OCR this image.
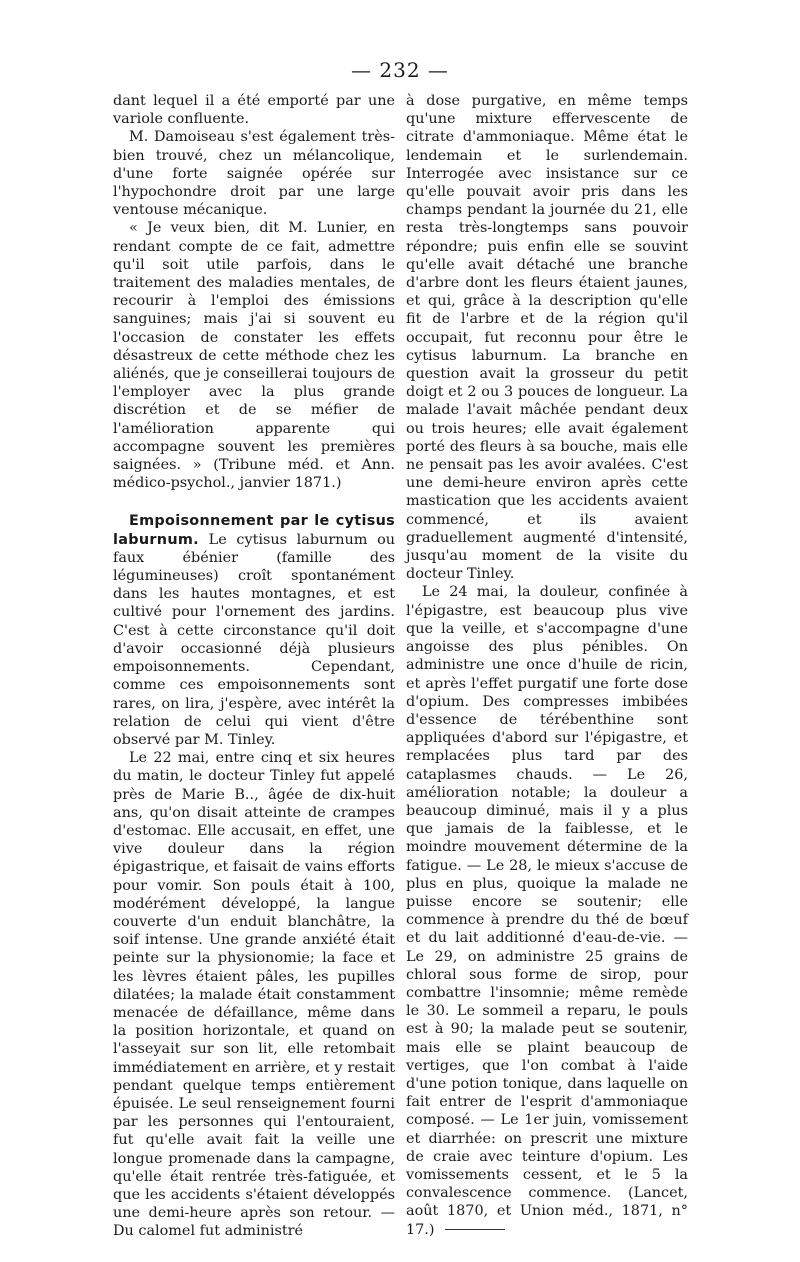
— 232 —

dant lequel il a été emporté par une variole confluente.

M. Damoiseau s'est également très-bien trouvé, chez un mélancolique, d'une forte saignée opérée sur l'hypochondre droit par une large ventouse mécanique.

« Je veux bien, dit M. Lunier, en rendant compte de ce fait, admettre qu'il soit utile parfois, dans le traitement des maladies mentales, de recourir à l'emploi des émissions sanguines; mais j'ai si souvent eu l'occasion de constater les effets désastreux de cette méthode chez les aliénés, que je conseillerai toujours de l'employer avec la plus grande discrétion et de se méfier de l'amélioration apparente qui accompagne souvent les premières saignées. » (Tribune méd. et Ann. médico-psychol., janvier 1871.)

Empoisonnement par le cytisus laburnum. Le cytisus laburnum ou faux ébénier (famille des légumineuses) croît spontanément dans les hautes montagnes, et est cultivé pour l'ornement des jardins. C'est à cette circonstance qu'il doit d'avoir occasionné déjà plusieurs empoisonnements. Cependant, comme ces empoisonnements sont rares, on lira, j'espère, avec intérêt la relation de celui qui vient d'être observé par M. Tinley.

Le 22 mai, entre cinq et six heures du matin, le docteur Tinley fut appelé près de Marie B.., âgée de dix-huit ans, qu'on disait atteinte de crampes d'estomac. Elle accusait, en effet, une vive douleur dans la région épigastrique, et faisait de vains efforts pour vomir. Son pouls était à 100, modérément développé, la langue couverte d'un enduit blanchâtre, la soif intense. Une grande anxiété était peinte sur la physionomie; la face et les lèvres étaient pâles, les pupilles dilatées; la malade était constamment menacée de défaillance, même dans la position horizontale, et quand on l'asseyait sur son lit, elle retombait immédiatement en arrière, et y restait pendant quelque temps entièrement épuisée. Le seul renseignement fourni par les personnes qui l'entouraient, fut qu'elle avait fait la veille une longue promenade dans la campagne, qu'elle était rentrée très-fatiguée, et que les accidents s'étaient développés une demi-heure après son retour. — Du calomel fut administré

à dose purgative, en même temps qu'une mixture effervescente de citrate d'ammoniaque. Même état le lendemain et le surlendemain. Interrogée avec insistance sur ce qu'elle pouvait avoir pris dans les champs pendant la journée du 21, elle resta très-longtemps sans pouvoir répondre; puis enfin elle se souvint qu'elle avait détaché une branche d'arbre dont les fleurs étaient jaunes, et qui, grâce à la description qu'elle fit de l'arbre et de la région qu'il occupait, fut reconnu pour être le cytisus laburnum. La branche en question avait la grosseur du petit doigt et 2 ou 3 pouces de longueur. La malade l'avait mâchée pendant deux ou trois heures; elle avait également porté des fleurs à sa bouche, mais elle ne pensait pas les avoir avalées. C'est une demi-heure environ après cette mastication que les accidents avaient commencé, et ils avaient graduellement augmenté d'intensité, jusqu'au moment de la visite du docteur Tinley.

Le 24 mai, la douleur, confinée à l'épigastre, est beaucoup plus vive que la veille, et s'accompagne d'une angoisse des plus pénibles. On administre une once d'huile de ricin, et après l'effet purgatif une forte dose d'opium. Des compresses imbibées d'essence de térébenthine sont appliquées d'abord sur l'épigastre, et remplacées plus tard par des cataplasmes chauds. — Le 26, amélioration notable; la douleur a beaucoup diminué, mais il y a plus que jamais de la faiblesse, et le moindre mouvement détermine de la fatigue. — Le 28, le mieux s'accuse de plus en plus, quoique la malade ne puisse encore se soutenir; elle commence à prendre du thé de bœuf et du lait additionné d'eau-de-vie. — Le 29, on administre 25 grains de chloral sous forme de sirop, pour combattre l'insomnie; même remède le 30. Le sommeil a reparu, le pouls est à 90; la malade peut se soutenir, mais elle se plaint beaucoup de vertiges, que l'on combat à l'aide d'une potion tonique, dans laquelle on fait entrer de l'esprit d'ammoniaque composé. — Le 1er juin, vomissement et diarrhée: on prescrit une mixture de craie avec teinture d'opium. Les vomissements cessent, et le 5 la convalescence commence. (Lancet, août 1870, et Union méd., 1871, n° 17.)
